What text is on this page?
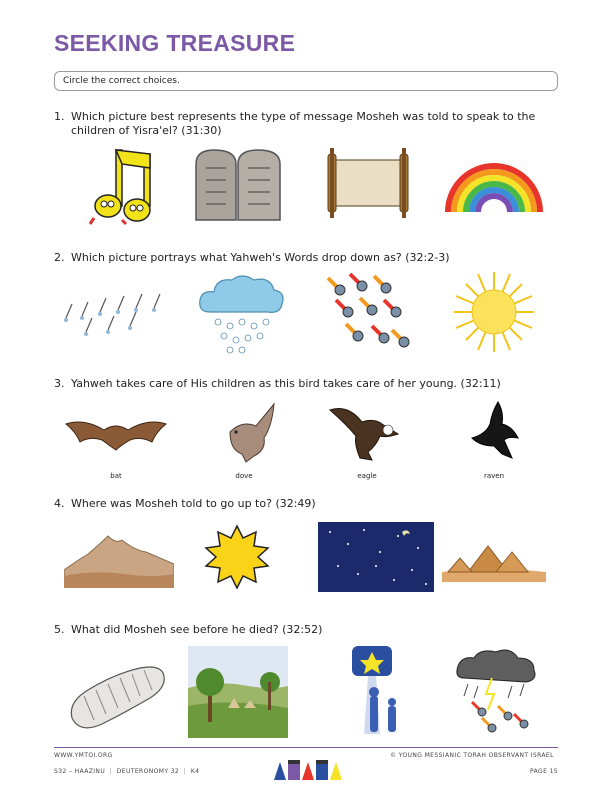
SEEKING TREASURE
Circle the correct choices.
1. Which picture best represents the type of message Mosheh was told to speak to the children of Yisra'el? (31:30)
2. Which picture portrays what Yahweh's Words drop down as? (32:2-3)
3. Yahweh takes care of His children as this bird takes care of her young. (32:11)
bat	dove	eagle	raven
4. Where was Mosheh told to go up to? (32:49)
5. What did Mosheh see before he died? (32:52)
WWW.YMTOI.ORG
S32 – HAAZINU  |  DEUTERONOMY 32  |  K4
© YOUNG MESSIANIC TORAH OBSERVANT ISRAEL
PAGE 15
